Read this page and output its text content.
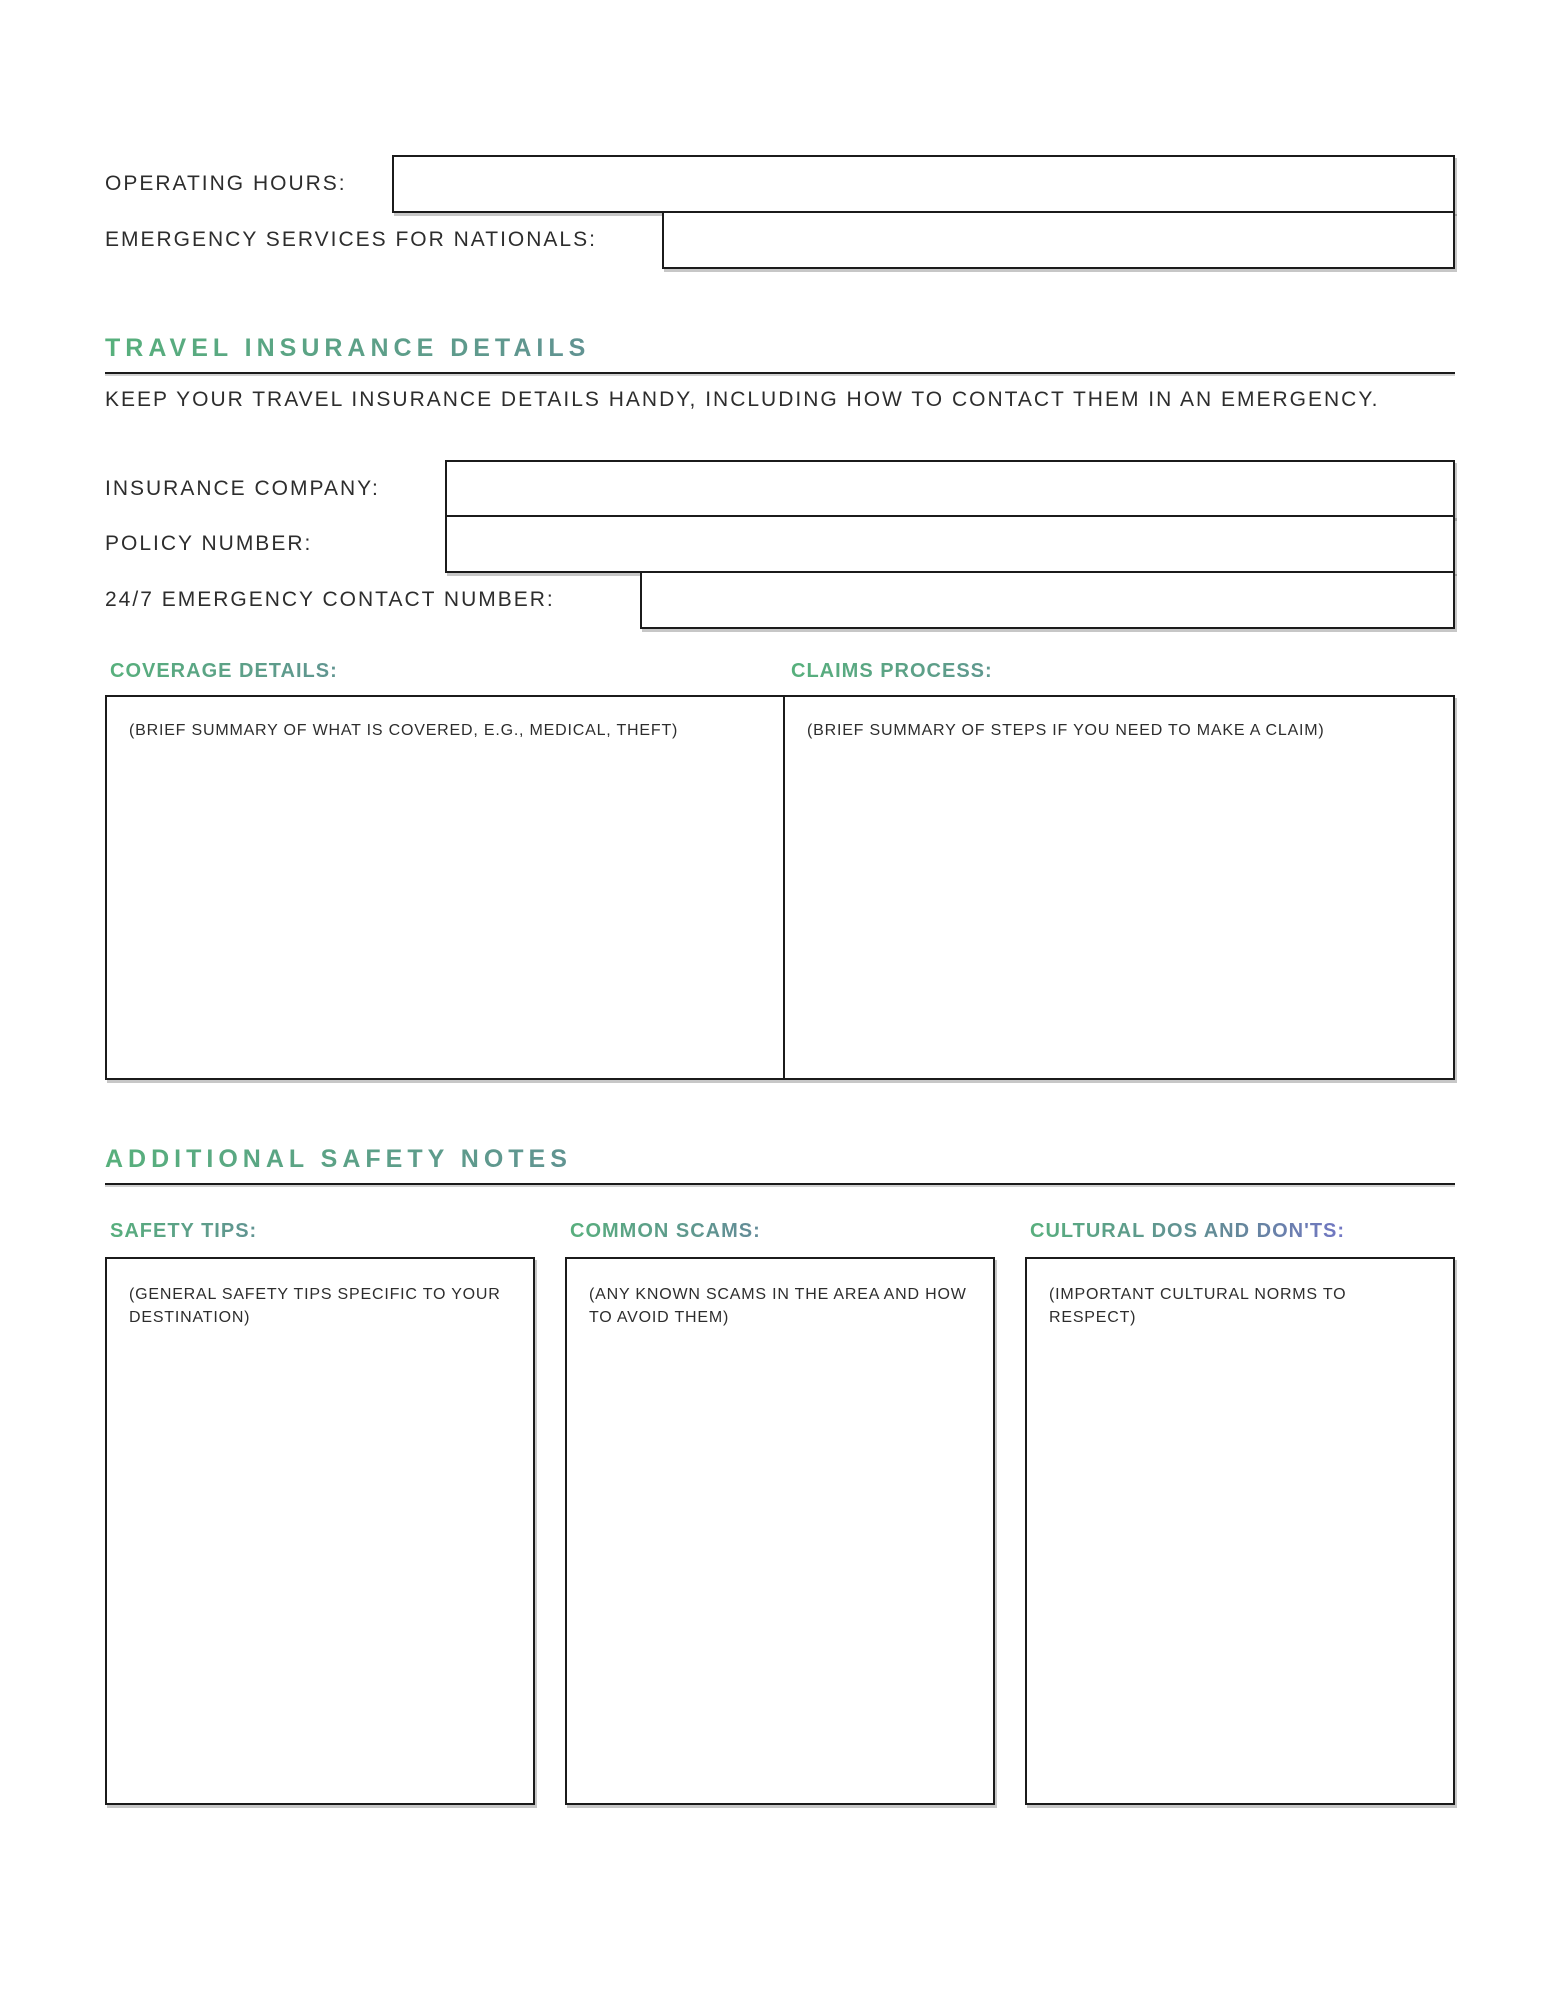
OPERATING HOURS:
EMERGENCY SERVICES FOR NATIONALS:
TRAVEL INSURANCE DETAILS

KEEP YOUR TRAVEL INSURANCE DETAILS HANDY, INCLUDING HOW TO CONTACT THEM IN AN EMERGENCY.

INSURANCE COMPANY:
POLICY NUMBER:
24/7 EMERGENCY CONTACT NUMBER:
COVERAGE DETAILS:	CLAIMS PROCESS:

(BRIEF SUMMARY OF WHAT IS COVERED, E.G., MEDICAL, THEFT)	(BRIEF SUMMARY OF STEPS IF YOU NEED TO MAKE A CLAIM)

ADDITIONAL SAFETY NOTES
SAFETY TIPS:

(GENERAL SAFETY TIPS SPECIFIC TO YOUR DESTINATION)

COMMON SCAMS:

(ANY KNOWN SCAMS IN THE AREA AND HOW TO AVOID THEM)

CULTURAL DOS AND DON'TS:

(IMPORTANT CULTURAL NORMS TO RESPECT)
